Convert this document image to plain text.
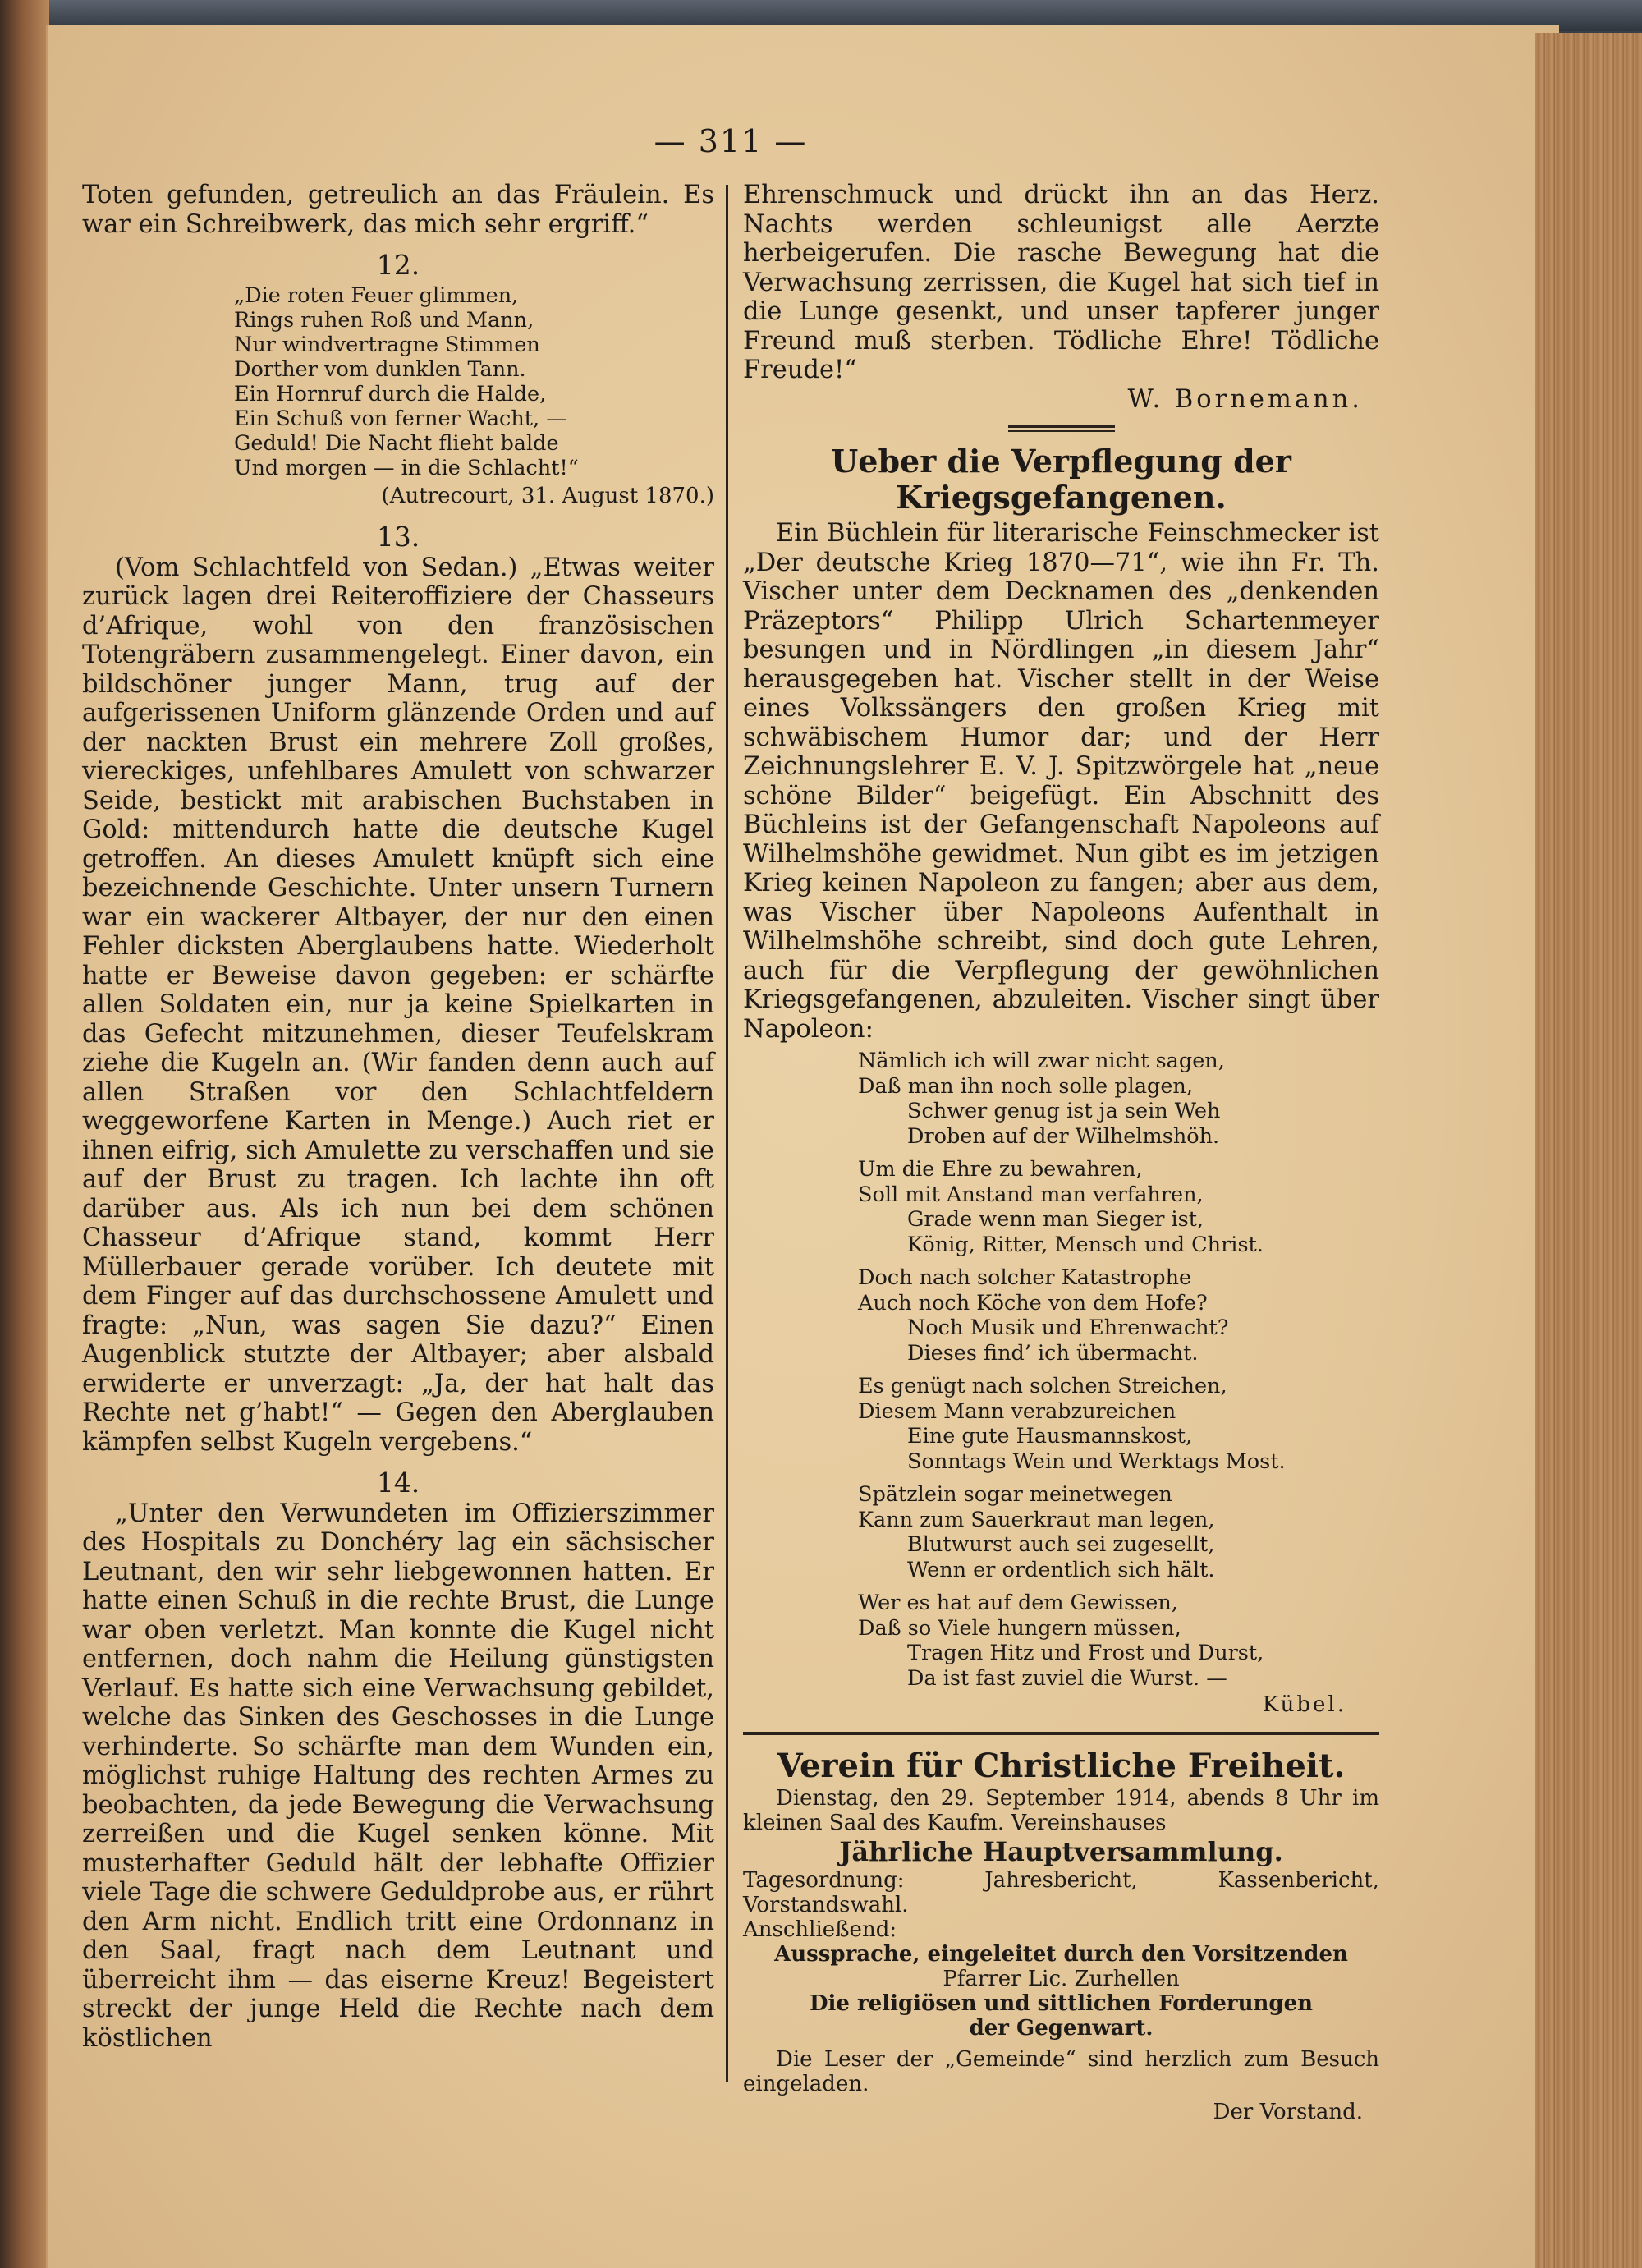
— 311 —

Toten gefunden, getreulich an das Fräulein. Es war ein Schreibwerk, das mich sehr ergriff.“

12.
„Die roten Feuer glimmen,
Rings ruhen Roß und Mann,
Nur windvertragne Stimmen
Dorther vom dunklen Tann.
Ein Hornruf durch die Halde,
Ein Schuß von ferner Wacht, —
Geduld! Die Nacht flieht balde
Und morgen — in die Schlacht!“
(Autrecourt, 31. August 1870.)
13.

(Vom Schlachtfeld von Sedan.) „Etwas weiter zurück lagen drei Reiteroffiziere der Chasseurs d’Afrique, wohl von den französischen Totengräbern zusammengelegt. Einer davon, ein bildschöner junger Mann, trug auf der aufgerissenen Uniform glänzende Orden und auf der nackten Brust ein mehrere Zoll großes, viereckiges, unfehlbares Amulett von schwarzer Seide, bestickt mit arabischen Buchstaben in Gold: mittendurch hatte die deutsche Kugel getroffen. An dieses Amulett knüpft sich eine bezeichnende Geschichte. Unter unsern Turnern war ein wackerer Altbayer, der nur den einen Fehler dicksten Aberglaubens hatte. Wiederholt hatte er Beweise davon gegeben: er schärfte allen Soldaten ein, nur ja keine Spielkarten in das Gefecht mitzunehmen, dieser Teufelskram ziehe die Kugeln an. (Wir fanden denn auch auf allen Straßen vor den Schlachtfeldern weggeworfene Karten in Menge.) Auch riet er ihnen eifrig, sich Amulette zu verschaffen und sie auf der Brust zu tragen. Ich lachte ihn oft darüber aus. Als ich nun bei dem schönen Chasseur d’Afrique stand, kommt Herr Müllerbauer gerade vorüber. Ich deutete mit dem Finger auf das durchschossene Amulett und fragte: „Nun, was sagen Sie dazu?“ Einen Augenblick stutzte der Altbayer; aber alsbald erwiderte er unverzagt: „Ja, der hat halt das Rechte net g’habt!“ — Gegen den Aberglauben kämpfen selbst Kugeln vergebens.“

14.

„Unter den Verwundeten im Offizierszimmer des Hospitals zu Donchéry lag ein sächsischer Leutnant, den wir sehr liebgewonnen hatten. Er hatte einen Schuß in die rechte Brust, die Lunge war oben verletzt. Man konnte die Kugel nicht entfernen, doch nahm die Heilung günstigsten Verlauf. Es hatte sich eine Verwachsung gebildet, welche das Sinken des Geschosses in die Lunge verhinderte. So schärfte man dem Wunden ein, möglichst ruhige Haltung des rechten Armes zu beobachten, da jede Bewegung die Verwachsung zerreißen und die Kugel senken könne. Mit musterhafter Geduld hält der lebhafte Offizier viele Tage die schwere Geduldprobe aus, er rührt den Arm nicht. Endlich tritt eine Ordonnanz in den Saal, fragt nach dem Leutnant und überreicht ihm — das eiserne Kreuz! Begeistert streckt der junge Held die Rechte nach dem köstlichen

Ehrenschmuck und drückt ihn an das Herz. Nachts werden schleunigst alle Aerzte herbeigerufen. Die rasche Bewegung hat die Verwachsung zerrissen, die Kugel hat sich tief in die Lunge gesenkt, und unser tapferer junger Freund muß sterben. Tödliche Ehre! Tödliche Freude!“

W. Bornemann.
Ueber die Verpflegung der Kriegsgefangenen.

Ein Büchlein für literarische Feinschmecker ist „Der deutsche Krieg 1870—71“, wie ihn Fr. Th. Vischer unter dem Decknamen des „denkenden Präzeptors“ Philipp Ulrich Schartenmeyer besungen und in Nördlingen „in diesem Jahr“ herausgegeben hat. Vischer stellt in der Weise eines Volkssängers den großen Krieg mit schwäbischem Humor dar; und der Herr Zeichnungslehrer E. V. J. Spitzwörgele hat „neue schöne Bilder“ beigefügt. Ein Abschnitt des Büchleins ist der Gefangenschaft Napoleons auf Wilhelmshöhe gewidmet. Nun gibt es im jetzigen Krieg keinen Napoleon zu fangen; aber aus dem, was Vischer über Napoleons Aufenthalt in Wilhelmshöhe schreibt, sind doch gute Lehren, auch für die Verpflegung der gewöhnlichen Kriegsgefangenen, abzuleiten. Vischer singt über Napoleon:

Nämlich ich will zwar nicht sagen,
Daß man ihn noch solle plagen,
Schwer genug ist ja sein Weh
Droben auf der Wilhelmshöh.
Um die Ehre zu bewahren,
Soll mit Anstand man verfahren,
Grade wenn man Sieger ist,
König, Ritter, Mensch und Christ.
Doch nach solcher Katastrophe
Auch noch Köche von dem Hofe?
Noch Musik und Ehrenwacht?
Dieses find’ ich übermacht.
Es genügt nach solchen Streichen,
Diesem Mann verabzureichen
Eine gute Hausmannskost,
Sonntags Wein und Werktags Most.
Spätzlein sogar meinetwegen
Kann zum Sauerkraut man legen,
Blutwurst auch sei zugesellt,
Wenn er ordentlich sich hält.
Wer es hat auf dem Gewissen,
Daß so Viele hungern müssen,
Tragen Hitz und Frost und Durst,
Da ist fast zuviel die Wurst. —
Kübel.
Verein für Christliche Freiheit.

Dienstag, den 29. September 1914, abends 8 Uhr im kleinen Saal des Kaufm. Vereinshauses

Jährliche Hauptversammlung.

Tagesordnung: Jahresbericht, Kassenbericht, Vorstandswahl.

Anschließend:

Aussprache, eingeleitet durch den Vorsitzenden
Pfarrer Lic. Zurhellen
Die religiösen und sittlichen Forderungen
der Gegenwart.

Die Leser der „Gemeinde“ sind herzlich zum Besuch eingeladen.

Der Vorstand.
